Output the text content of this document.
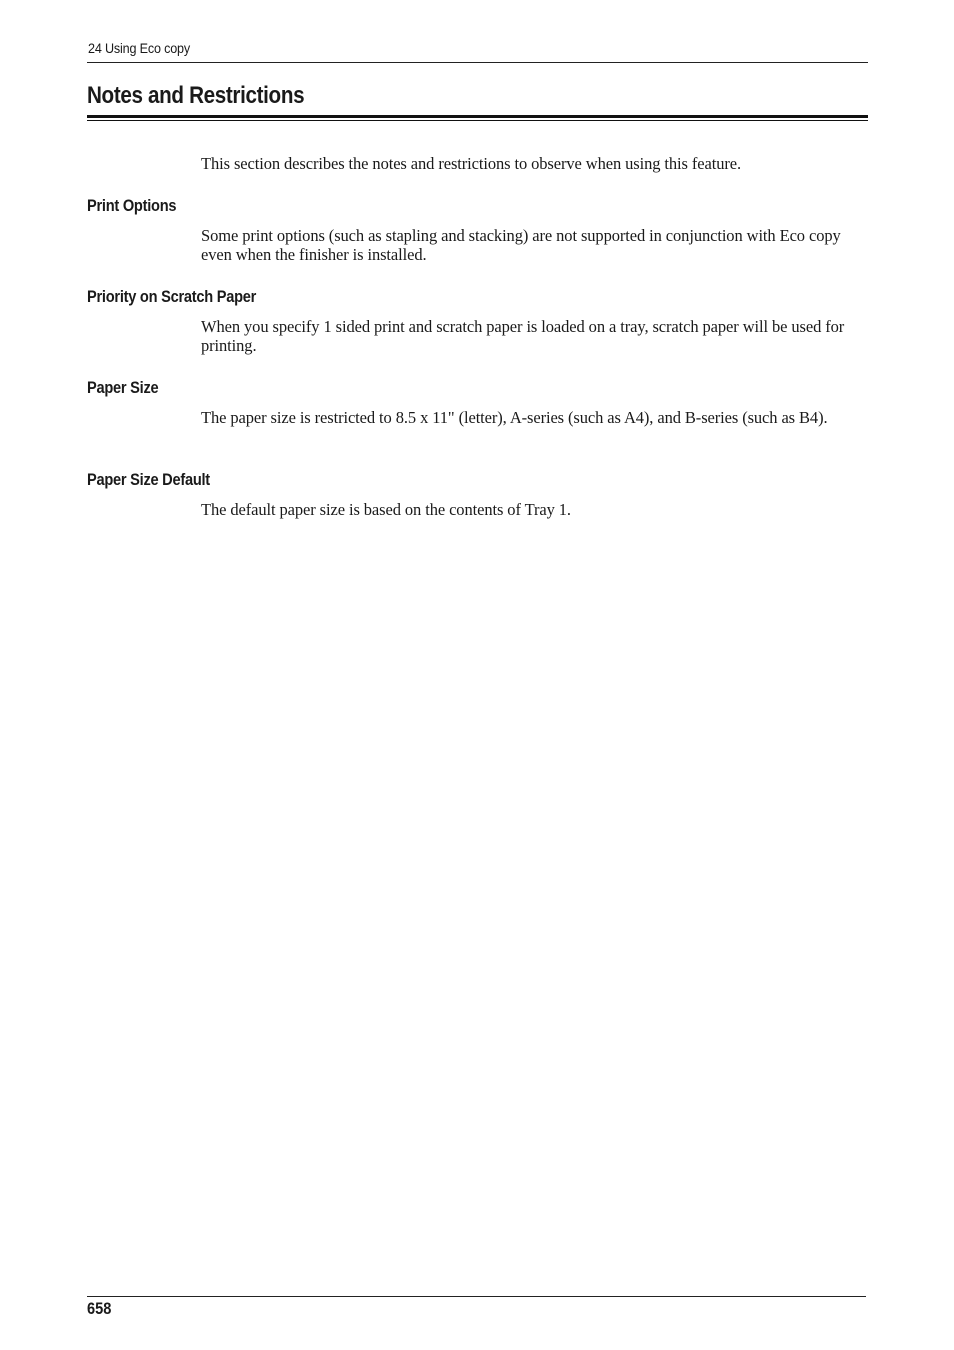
24 Using Eco copy
Notes and Restrictions

This section describes the notes and restrictions to observe when using this feature.

Print Options

Some print options (such as stapling and stacking) are not supported in conjunction with Eco copy even when the finisher is installed.

Priority on Scratch Paper

When you specify 1 sided print and scratch paper is loaded on a tray, scratch paper will be used for printing.

Paper Size

The paper size is restricted to 8.5 x 11" (letter), A-series (such as A4), and B-series (such as B4).

Paper Size Default

The default paper size is based on the contents of Tray 1.

658
